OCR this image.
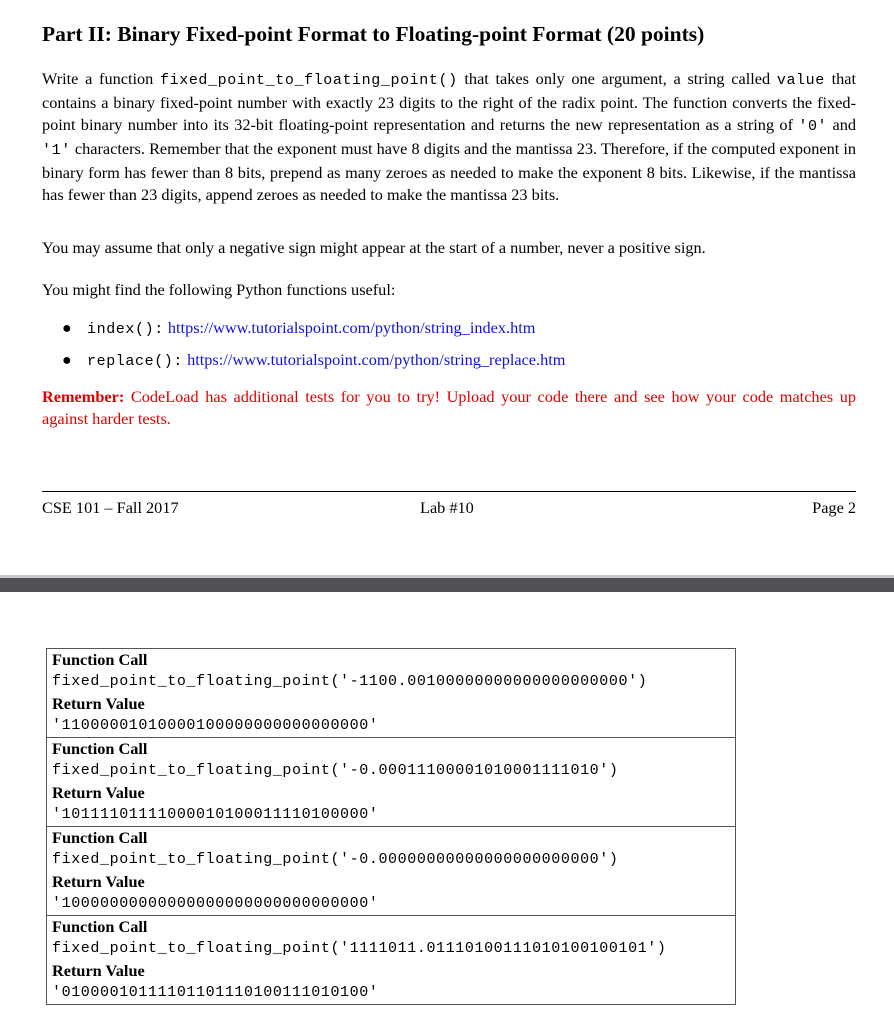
Part II: Binary Fixed-point Format to Floating-point Format (20 points)

Write a function fixed_point_to_floating_point() that takes only one argument, a string called value that contains a binary fixed-point number with exactly 23 digits to the right of the radix point. The function converts the fixed-point binary number into its 32-bit floating-point representation and returns the new representation as a string of '0' and '1' characters. Remember that the exponent must have 8 digits and the mantissa 23. Therefore, if the computed exponent in binary form has fewer than 8 bits, prepend as many zeroes as needed to make the exponent 8 bits. Likewise, if the mantissa has fewer than 23 digits, append zeroes as needed to make the mantissa 23 bits.

You may assume that only a negative sign might appear at the start of a number, never a positive sign.

You might find the following Python functions useful:

● index(): https://www.tutorialspoint.com/python/string_index.htm
● replace(): https://www.tutorialspoint.com/python/string_replace.htm

Remember: CodeLoad has additional tests for you to try! Upload your code there and see how your code matches up against harder tests.

CSE 101 – Fall 2017	Lab #10	Page 2
Function Call
fixed_point_to_floating_point('-1100.00100000000000000000000')
Return Value
'11000001010000100000000000000000'
Function Call
fixed_point_to_floating_point('-0.00011100001010001111010')
Return Value
'10111101111000010100011110100000'
Function Call
fixed_point_to_floating_point('-0.00000000000000000000000')
Return Value
'10000000000000000000000000000000'
Function Call
fixed_point_to_floating_point('1111011.01110100111010100100101')
Return Value
'01000010111101101110100111010100'
